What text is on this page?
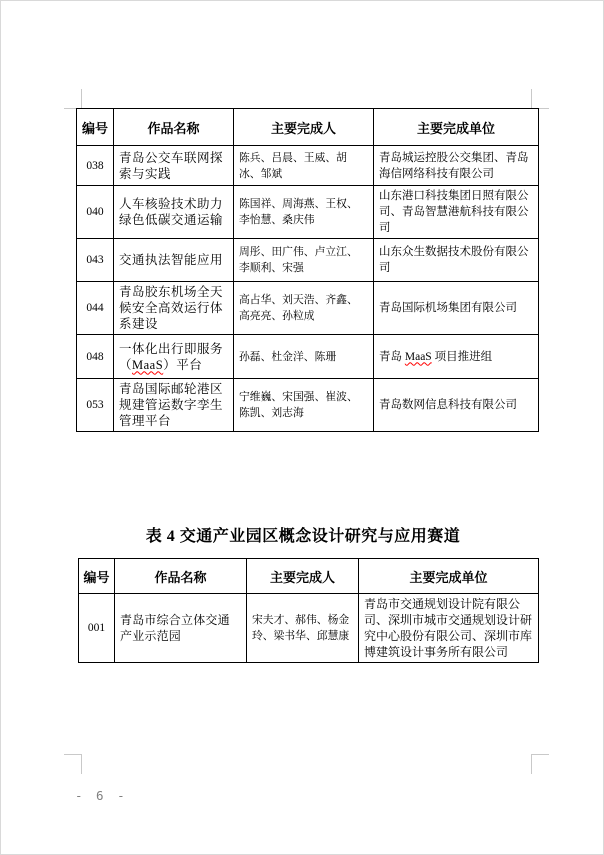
编号	作品名称	主要完成人	主要完成单位
038	青岛公交车联网探索与实践	陈兵、吕晨、王威、胡冰、邹斌	青岛城运控股公交集团、青岛海信网络科技有限公司
040	人车核验技术助力绿色低碳交通运输	陈国祥、周海燕、王权、李怡慧、桑庆伟	山东港口科技集团日照有限公司、青岛智慧港航科技有限公司
043	交通执法智能应用	周彤、田广伟、卢立江、李顺利、宋强	山东众生数据技术股份有限公司
044	青岛胶东机场全天候安全高效运行体系建设	高占华、刘天浩、齐鑫、高亮亮、孙粒成	青岛国际机场集团有限公司
048	一体化出行即服务（MaaS）平台	孙磊、杜金洋、陈珊	青岛 MaaS 项目推进组
053	青岛国际邮轮港区规建管运数字孪生管理平台	宁维巍、宋国强、崔波、陈凯、刘志海	青岛数网信息科技有限公司
表 4 交通产业园区概念设计研究与应用赛道
编号	作品名称	主要完成人	主要完成单位
001	青岛市综合立体交通产业示范园	宋夫才、郝伟、杨金玲、梁书华、邱慧康	青岛市交通规划设计院有限公司、深圳市城市交通规划设计研究中心股份有限公司、深圳市库博建筑设计事务所有限公司
- 6 -
